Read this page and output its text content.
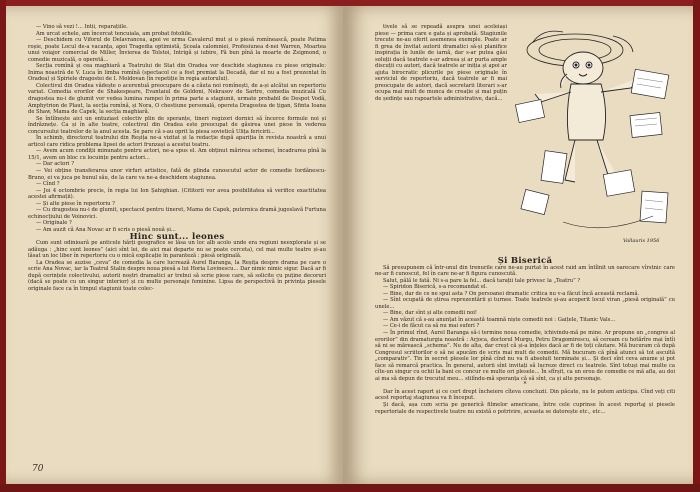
— Vino să vezi !... Intii, reparațiile.

Am urcat schele, am încercat tencuiala, am probat fotoliile.

— Deschidem cu Viforul de Delavrancea, apoi ve urma Cavalerul mut și o piesă romînească, poate Patima roșie, poate Locul de-a vacanța, apoi Tragedia optimistă, Școala calomniei, Profesiunea d-nei Warren, Moartea unui voiajor comercial de Miller, Învierea de Tolstoi, Intrigă și iubire, Fă bun pînă la moarte de Zsigmond, o comedie muzicală, o operetă...

Secția romînă și cea maghiară a Teatrului de Stat din Oradea vor deschide stagiunea cu piese originale: Inima noastră de V. Luca în limba romînă (spectacol ce a fost premiat la Decadă, dar el nu a fost prezentat în Oradea) și Spiriele dragostei de I. Moldovan (în repetiție în regia autorului).

Colectivul din Oradea vădește o acerentuă preocupare de a căuta noi romînești, de a-și alcătui un repertoriu variat. Comedia erorilor de Shakespeare, Evantaiul de Goldoni, Nekrasov de Sartre, comedia muzicală Cu dragostea nu-i de glumit vor vedea lumina rampei în prima parte a stagiunii, urmate probabil de Despot Vodă, Amphytrion de Plaut, la secția romînă, și Nora, O chestiune personală, opereta Dragostea de țigan, Sfinta Ioana de Shaw, Mama de Capek, la secția maghiară.

Se întîlnește aici un entuziast colectiv plin de speranțe, tineri regizori dornici să încerce formule noi și îndrăznețe. Ca și în alte teatre, colectivul din Oradea este preocupat de găsirea unei piese în vederea concursului teatrelor de la anul acesta. Se pare că s-au oprit la piesa sovietică Ulița fericirii...

În schimb, directorul teatrului din Reșița ne-a vizitat și la redacție după apariția în revista noastră a unui articol care ridica problema lipsei de actori frunzași a acestui teatru.

— Avem acum condiții minunate pentru actori, ne-a spus el. Am obținut mărirea schemei, încadrarea pînă la 15/1, avem un bloc cu locuințe pentru actori...

— Dar actori ?

— Vei obține transferarea unor virfuri artistice, fată de plinda cunoscutul actor de comedie Iordănescu-Bruno, ei va juca pe bunul său, de la care va ne-a deschidem stagiunea.

— Cînd ?

— Joi 4 octombrie precis, în regia lui Ion Șahighian. (Cititorii vor avea posibilitatea să verifice exactitatea acestei afirmații).

— Și alte piese în repertoriu ?

— Cu dragostea nu-i de glumit, spectacol pentru tineret, Mama de Capek, puternica dramă jugoslavă Furtuna echinocțiului de Voinovici.

— Originale ?

— Am auzit că Ana Novac ar fi scris o piesă nouă și...

Hinc sunt... leones

Cum sunt odinioară pe anticele hărți geografice se lăsa un loc alb acolo unde era regiuni neexplorate și se adăuga : „hinc sunt leones” (aici sînt lei, de aici mai departe nu se poate cerceta), cel mai multe teatre și-au lăsat un loc liber în repertoriu cu o mică explicație în paranteză : piesă originală.

La Oradea se auzise „ceva” de comedia la care lucrează Aurel Baranga, la Reșița despre drama pe care o scrie Ana Novac, iar la Teatrul Stalin despre noua piesă a lui Horia Lovinescu... Dar nimic nimic sigur. Dacă ar fi după cerințele colectivului, autorii noștri dramatici ar trebui să scrie piese care, să solicite cu puține decoruri (dacă se poate cu un singur interior) și cu multe personaje feminine. Lipsa de perspectivă în privința piesele originale face ca în timpul stagiunii toate colec-

70

tivele să se repeadă asupra unei aceleiași piese — prima care e gata și aprobată. Stagiunile trecute ne-au oferit asemenea exemple. Poate ar fi grea de învitat autorii dramatici să-și planifice inspirația în lunile de iarnă, dar s-ar putea găsi soluții dacă teatrele s-ar adresa și ar purta ample discuții cu autori, dacă teatrele ar iniția și apoi ar ajuta birocratic plicurile pe piese originale în serviciul de repertoriu, dacă teatrele ar fi mai preocupate de autori, dacă secretarii literari s-ar ocupa mai mult de munca de creație și mai puțin de ședințe sau rapoartele administrative, dacă...

Vallauris 1956

Și Biserică

Să presupunem că într-unul din trenurile care ne-au purtat în acest raid am întîlnit un oarecare vîrstnic care ne-ar fi cunoscut, fel în care ne-ar fi figura cunoscută.

Salut, pălă le fată. Ni s-a pare la fel... dacă tarații tale privesc la „Teatru” ?

— Spiridon Biserică, s-a recomandat el.

— Bine, dar de ce ne spui asta ? On persoanei dramatic critica nu v-a făcut încă această reclamă.

— Sînt ocupată de știrea reprezentării și turnee. Toate teatrele și-au acoperit locul viran „piesă originală” cu unele...

— Bine, dar sînt și alte comedii noi!

— Am văzut că s-au anunțat în această toamnă niște comedii noi : Gaițele, Titanic Vals...

— Ce-i de făcut ca să nu mai suferi ?

— În primul rînd, Aurel Baranga să-i termine noua comedie, ichivindu-mă pe mine. Ar propune un „congres al erorilor” din dramaturgia noastră : Arjoca, doctorul Murgu, Petru Dragomirescu, să ceream cu hotărîre mai întîi să ni se mărească „schema”. Nu de alta, dar creșt că și-a înțeles dacă ar fi de toți căutare. Mă bucuram că după Congresul scriitorilor o să ne apucăm de scris mai mult de comedii. Mă bucuram că pînă atunci să tot ascultă „comparativ”. Tin în secret plesele lor pînă cînd nu va fi absoluit terminate și... Și deci sînt ceva anume și pot face să remarcă practica. În general, autorii sînt invitați să lucreze direct cu teatrele. Sînt totuși mai multe ca cîte-un singur cu ochii la bani ce concur ce multe ori plesele... În sfîrșit, ca un erou de comedie ce mă afla, au doi ai ma să depun de trecutul meu... stilîndu-mă speranța că să sînt, ca și alte personaje.

*

Dar în acest raport și ce cert drept încheiere cîteva concluzii. Din păcate, nu le putem anticipa. Cînd veți citi acest reportaj stagiunea va fi început.

Și dacă, așa cum scria pe generică filmelor americane, între cele cuprinse în acest reportaj și piesele repertoriale de respectivele teatre nu există o potrivire, aceasta se datorește etc., etc...
